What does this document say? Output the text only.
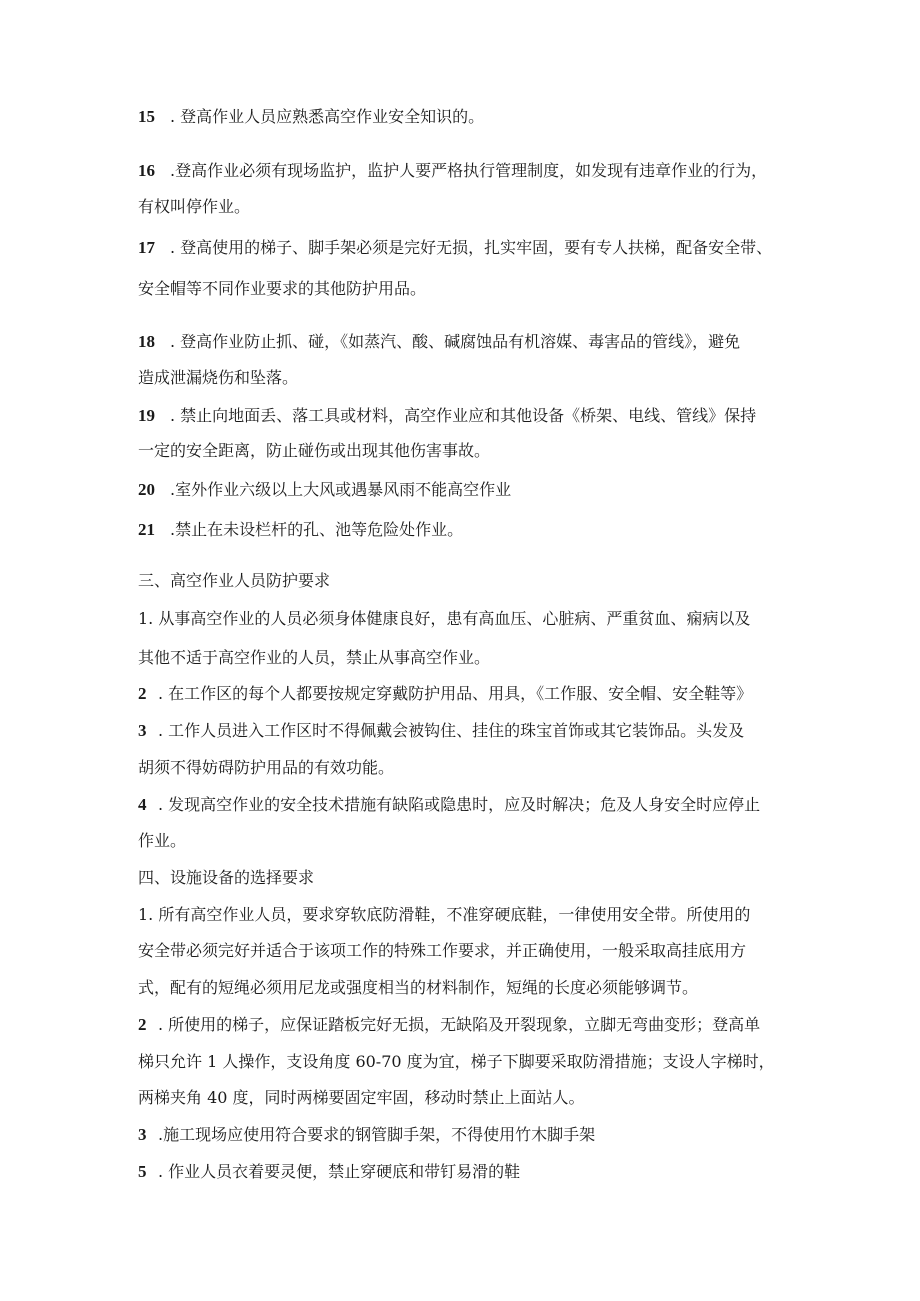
15 . 登高作业人员应熟悉高空作业安全知识的。
16 .登高作业必须有现场监护，监护人要严格执行管理制度，如发现有违章作业的行为，
有权叫停作业。
17 . 登高使用的梯子、脚手架必须是完好无损，扎实牢固，要有专人扶梯，配备安全带、
安全帽等不同作业要求的其他防护用品。
18 . 登高作业防止抓、碰，《如蒸汽、酸、碱腐蚀品有机溶媒、毒害品的管线》，避免
造成泄漏烧伤和坠落。
19 . 禁止向地面丢、落工具或材料，高空作业应和其他设备《桥架、电线、管线》保持
一定的安全距离，防止碰伤或出现其他伤害事故。
20 .室外作业六级以上大风或遇暴风雨不能高空作业
21 .禁止在未设栏杆的孔、池等危险处作业。
三、高空作业人员防护要求
1. 从事高空作业的人员必须身体健康良好，患有高血压、心脏病、严重贫血、痫病以及
其他不适于高空作业的人员，禁止从事高空作业。
2 . 在工作区的每个人都要按规定穿戴防护用品、用具，《工作服、安全帽、安全鞋等》
3 . 工作人员进入工作区时不得佩戴会被钩住、挂住的珠宝首饰或其它装饰品。头发及
胡须不得妨碍防护用品的有效功能。
4 . 发现高空作业的安全技术措施有缺陷或隐患时，应及时解决；危及人身安全时应停止
作业。
四、设施设备的选择要求
1. 所有高空作业人员，要求穿软底防滑鞋，不准穿硬底鞋，一律使用安全带。所使用的
安全带必须完好并适合于该项工作的特殊工作要求，并正确使用，一般采取高挂底用方
式，配有的短绳必须用尼龙或强度相当的材料制作，短绳的长度必须能够调节。
2 . 所使用的梯子，应保证踏板完好无损，无缺陷及开裂现象，立脚无弯曲变形；登高单
梯只允许 1 人操作，支设角度 60-70 度为宜，梯子下脚要采取防滑措施；支设人字梯时，
两梯夹角 40 度，同时两梯要固定牢固，移动时禁止上面站人。
3 .施工现场应使用符合要求的钢管脚手架，不得使用竹木脚手架
5 . 作业人员衣着要灵便，禁止穿硬底和带钉易滑的鞋
